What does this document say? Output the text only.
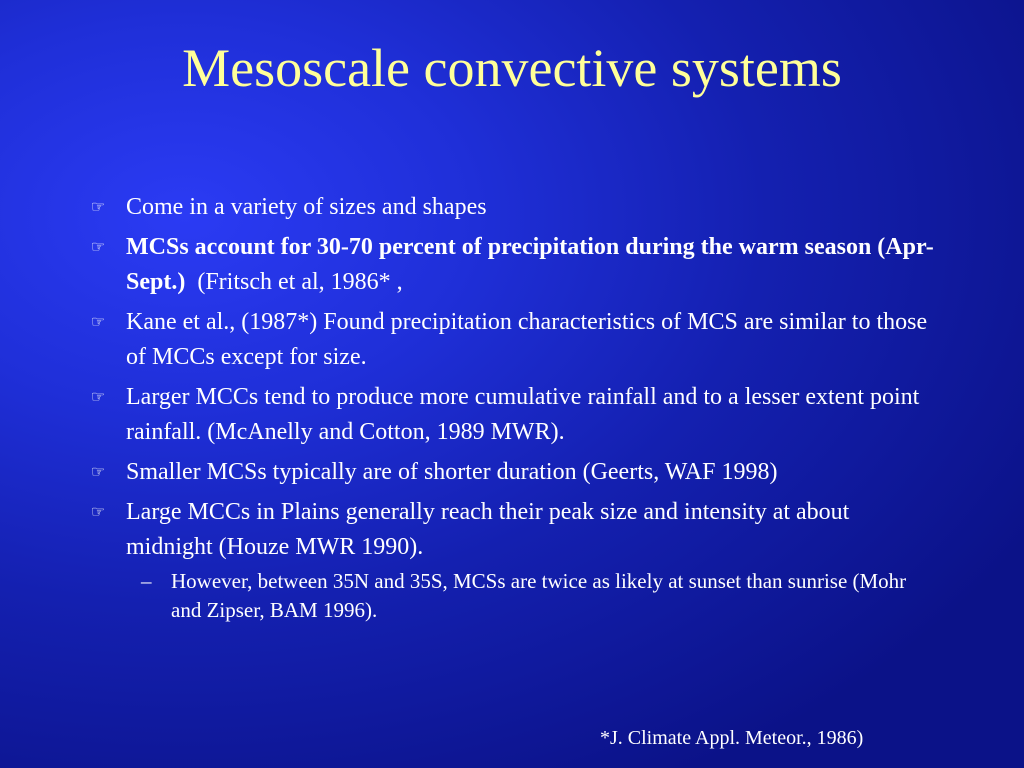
Mesoscale convective systems
☞ Come in a variety of sizes and shapes
☞ MCSs account for 30-70 percent of precipitation during the warm season (Apr-Sept.)  (Fritsch et al, 1986* ,
☞ Kane et al., (1987*) Found precipitation characteristics of MCS are similar to those of MCCs except for size.
☞ Larger MCCs tend to produce more cumulative rainfall and to a lesser extent point rainfall. (McAnelly and Cotton, 1989 MWR).
☞ Smaller MCSs typically are of shorter duration (Geerts, WAF 1998)
☞ Large MCCs in Plains generally reach their peak size and intensity at about midnight (Houze MWR 1990).
– However, between 35N and 35S, MCSs are twice as likely at sunset than sunrise (Mohr and Zipser, BAM 1996).
*J. Climate Appl. Meteor., 1986)
